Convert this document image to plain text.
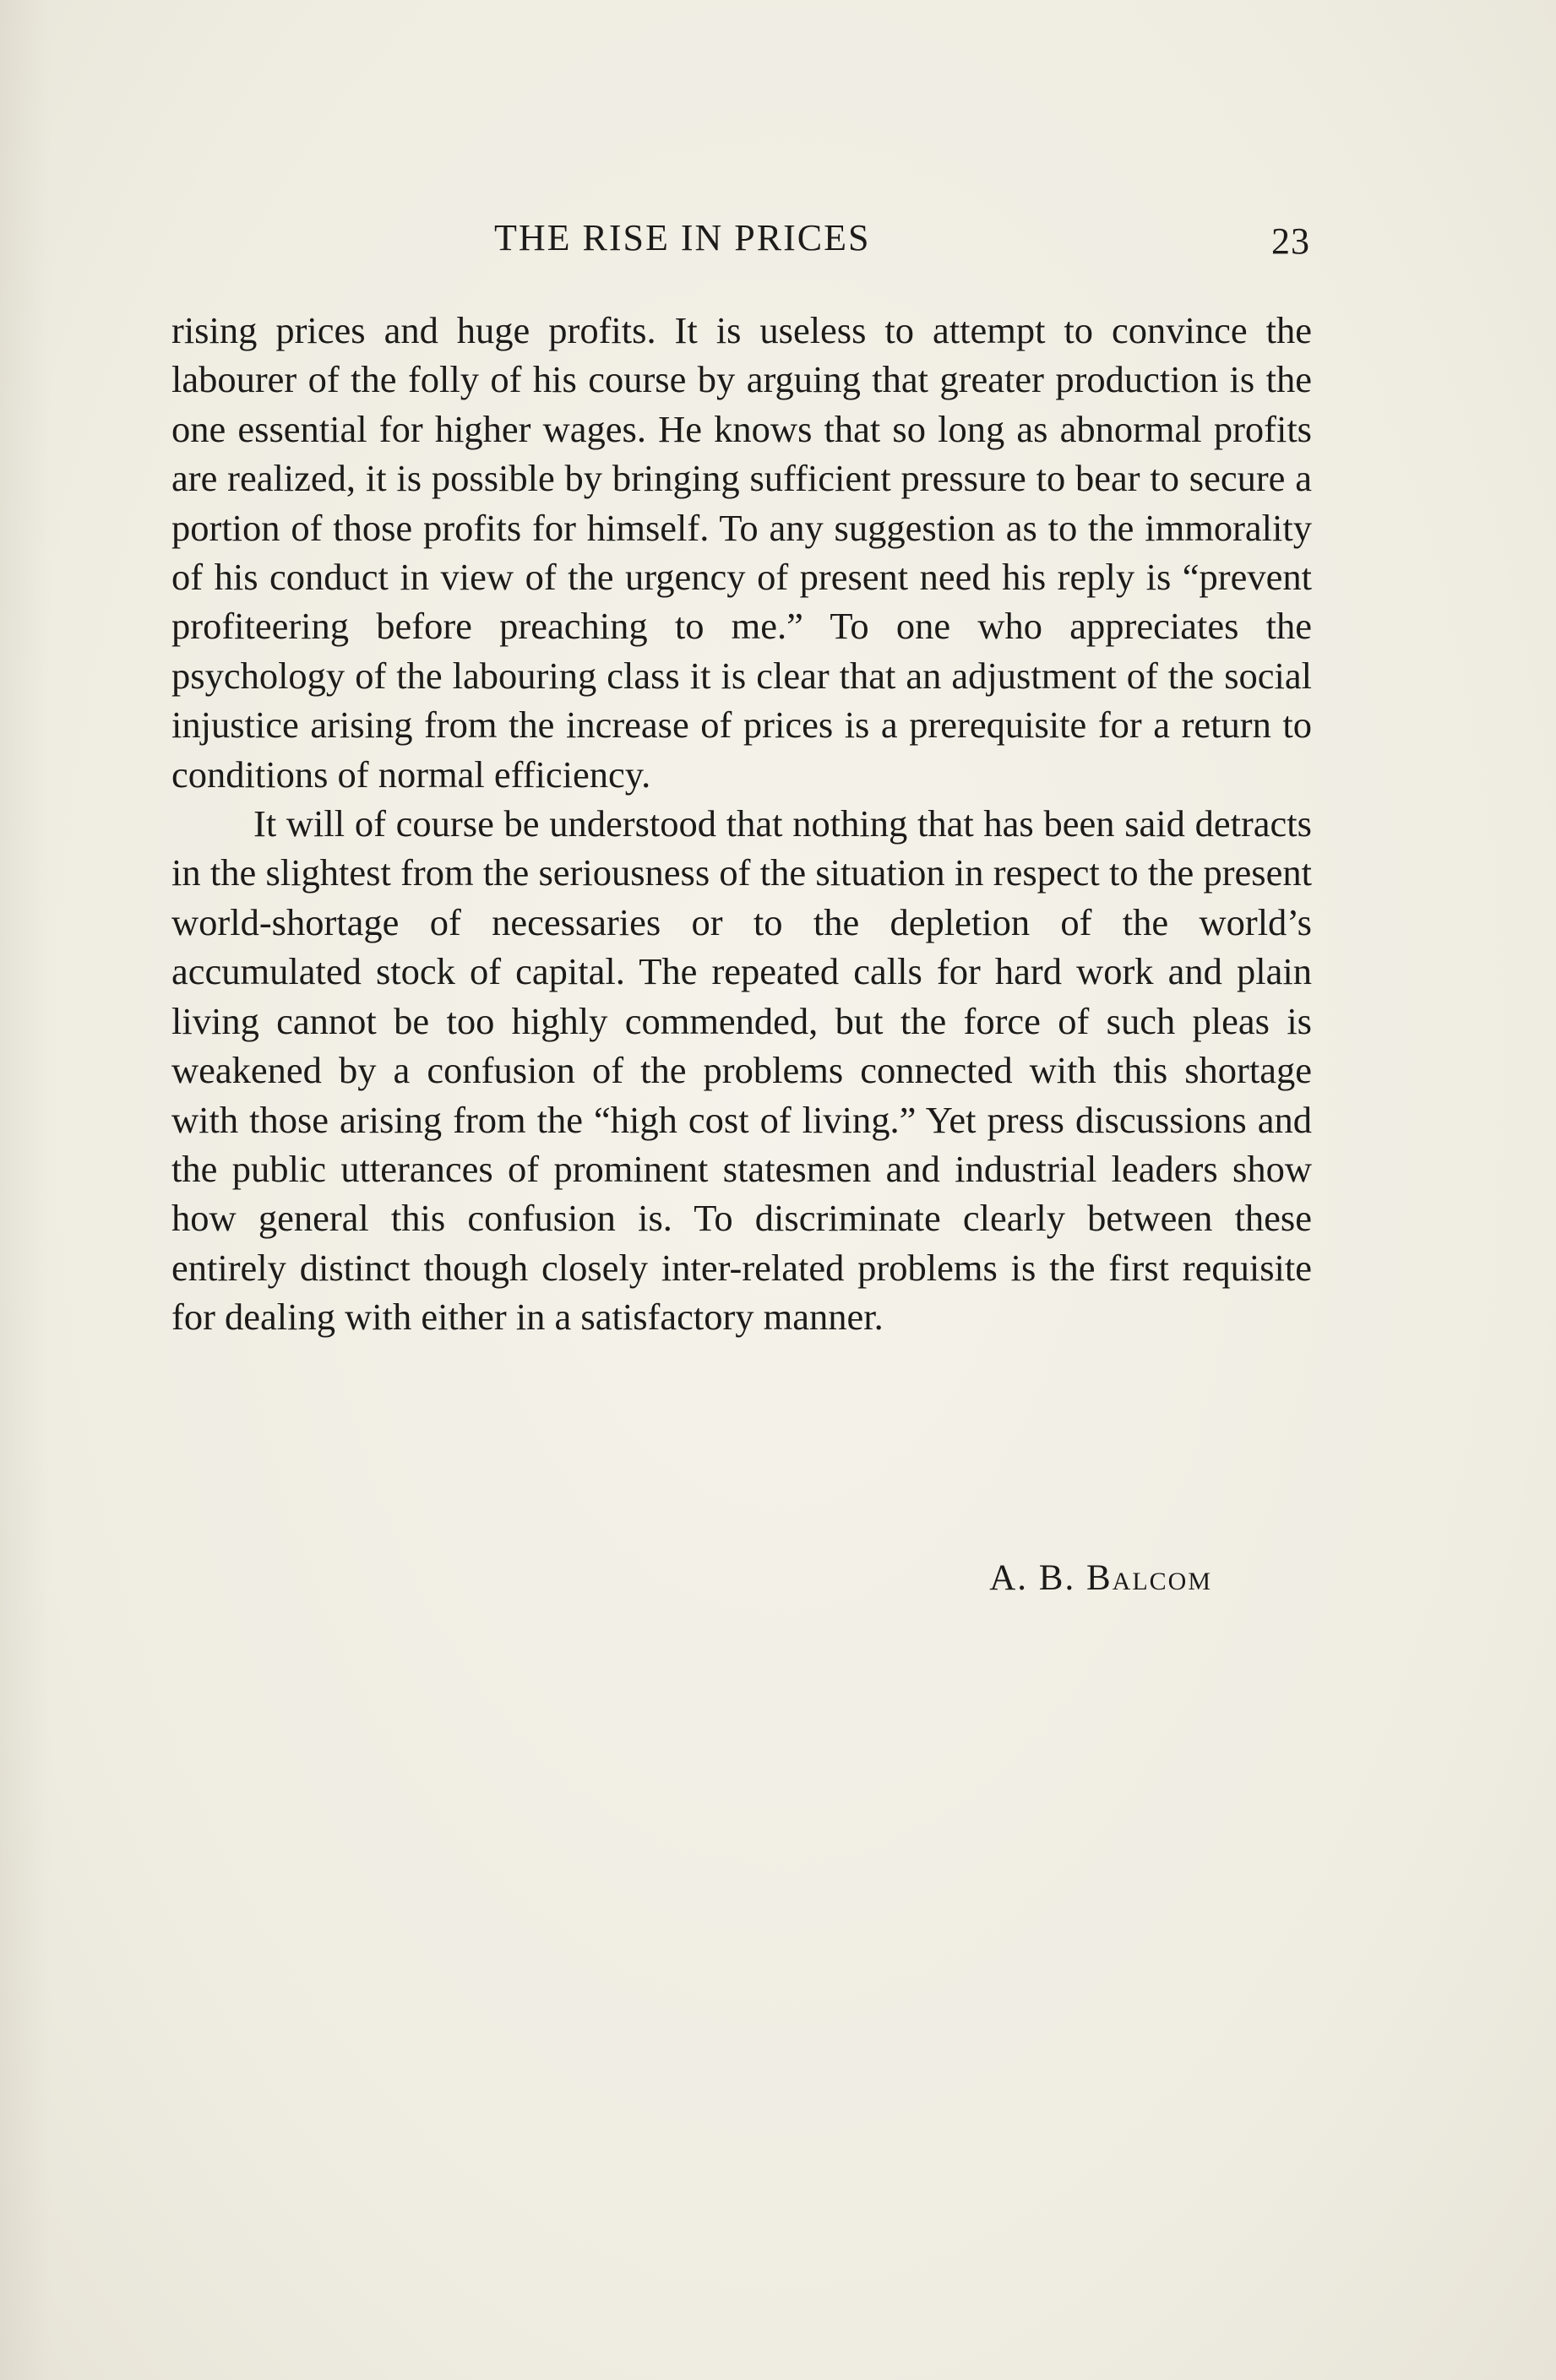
THE RISE IN PRICES	23

rising prices and huge profits. It is useless to attempt to convince the labourer of the folly of his course by arguing that greater production is the one essential for higher wages. He knows that so long as abnormal profits are realized, it is possible by bringing sufficient pressure to bear to secure a portion of those profits for himself. To any suggestion as to the immorality of his conduct in view of the urgency of present need his reply is “prevent profiteering before preaching to me.” To one who appreciates the psychology of the labouring class it is clear that an adjustment of the social injustice arising from the increase of prices is a prerequisite for a return to conditions of normal efficiency.

It will of course be understood that nothing that has been said detracts in the slightest from the seriousness of the situation in respect to the present world-shortage of necessaries or to the depletion of the world’s accumulated stock of capital. The repeated calls for hard work and plain living cannot be too highly commended, but the force of such pleas is weakened by a confusion of the problems connected with this shortage with those arising from the “high cost of living.” Yet press discussions and the public utterances of prominent statesmen and industrial leaders show how general this confusion is. To discriminate clearly between these entirely distinct though closely inter-related problems is the first requisite for dealing with either in a satisfactory manner.

A. B. Balcom
